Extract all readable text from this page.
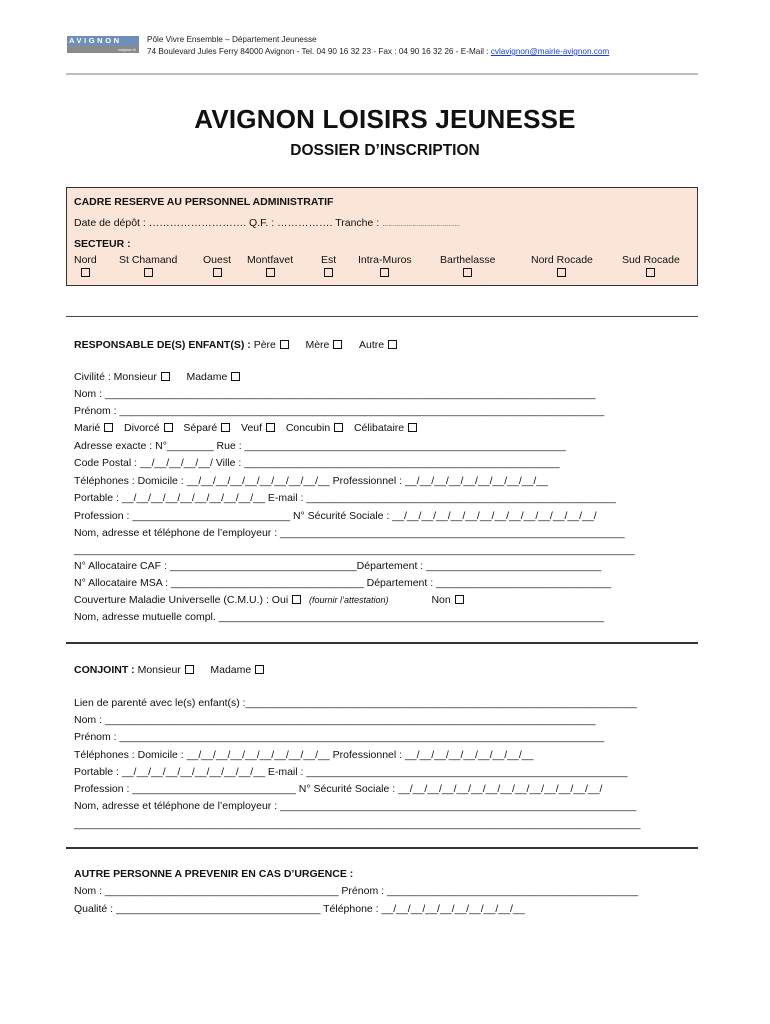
AVIGNON
avignon.fr
Pôle Vivre Ensemble – Département Jeunesse
74 Boulevard Jules Ferry 84000 Avignon - Tel. 04 90 16 32 23 - Fax : 04 90 16 32 26 - E-Mail : cvlavignon@mairie-avignon.com
AVIGNON LOISIRS JEUNESSE
DOSSIER D’INSCRIPTION
CADRE RESERVE AU PERSONNEL ADMINISTRATIF
Date de dépôt : ………………………. Q.F. : ……………. Tranche : …………………………………
SECTEUR :
Nord St Chamand Ouest Montfavet	Est Intra-Muros	Barthelasse	Nord Rocade	Sud Rocade
RESPONSABLE DE(S) ENFANT(S) : Père	Mère	Autre
Civilité : Monsieur	Madame
Nom : ____________________________________________________________________________________
Prénom : ___________________________________________________________________________________
Marié Divorcé Séparé Veuf Concubin Célibataire
Adresse exacte : N°________ Rue : _______________________________________________________
Code Postal : __/__/__/__/__/ Ville : ______________________________________________________
Téléphones : Domicile : __/__/__/__/__/__/__/__/__/__ Professionnel : __/__/__/__/__/__/__/__/__/__
Portable : __/__/__/__/__/__/__/__/__/__ E-mail : _____________________________________________________
Profession : ___________________________ N° Sécurité Sociale : __/__/__/__/__/__/__/__/__/__/__/__/__/__/
Nom, adresse et téléphone de l’employeur : ___________________________________________________________
________________________________________________________________________________________________
N° Allocataire CAF : ________________________________Département : ______________________________
N° Allocataire MSA : _________________________________ Département : ______________________________
Couverture Maladie Universelle (C.M.U.) : Oui (fournir l’attestation)	Non
Nom, adresse mutuelle compl. __________________________________________________________________
CONJOINT : Monsieur	Madame
Lien de parenté avec le(s) enfant(s) :___________________________________________________________________
Nom : ____________________________________________________________________________________
Prénom : ___________________________________________________________________________________
Téléphones : Domicile : __/__/__/__/__/__/__/__/__/__ Professionnel : __/__/__/__/__/__/__/__/__
Portable : __/__/__/__/__/__/__/__/__/__ E-mail : _______________________________________________________
Profession : ____________________________ N° Sécurité Sociale : __/__/__/__/__/__/__/__/__/__/__/__/__/__/
Nom, adresse et téléphone de l’employeur : _____________________________________________________________
_________________________________________________________________________________________________
AUTRE PERSONNE A PREVENIR EN CAS D’URGENCE :
Nom : ________________________________________ Prénom : ___________________________________________
Qualité : ___________________________________ Téléphone : __/__/__/__/__/__/__/__/__/__
